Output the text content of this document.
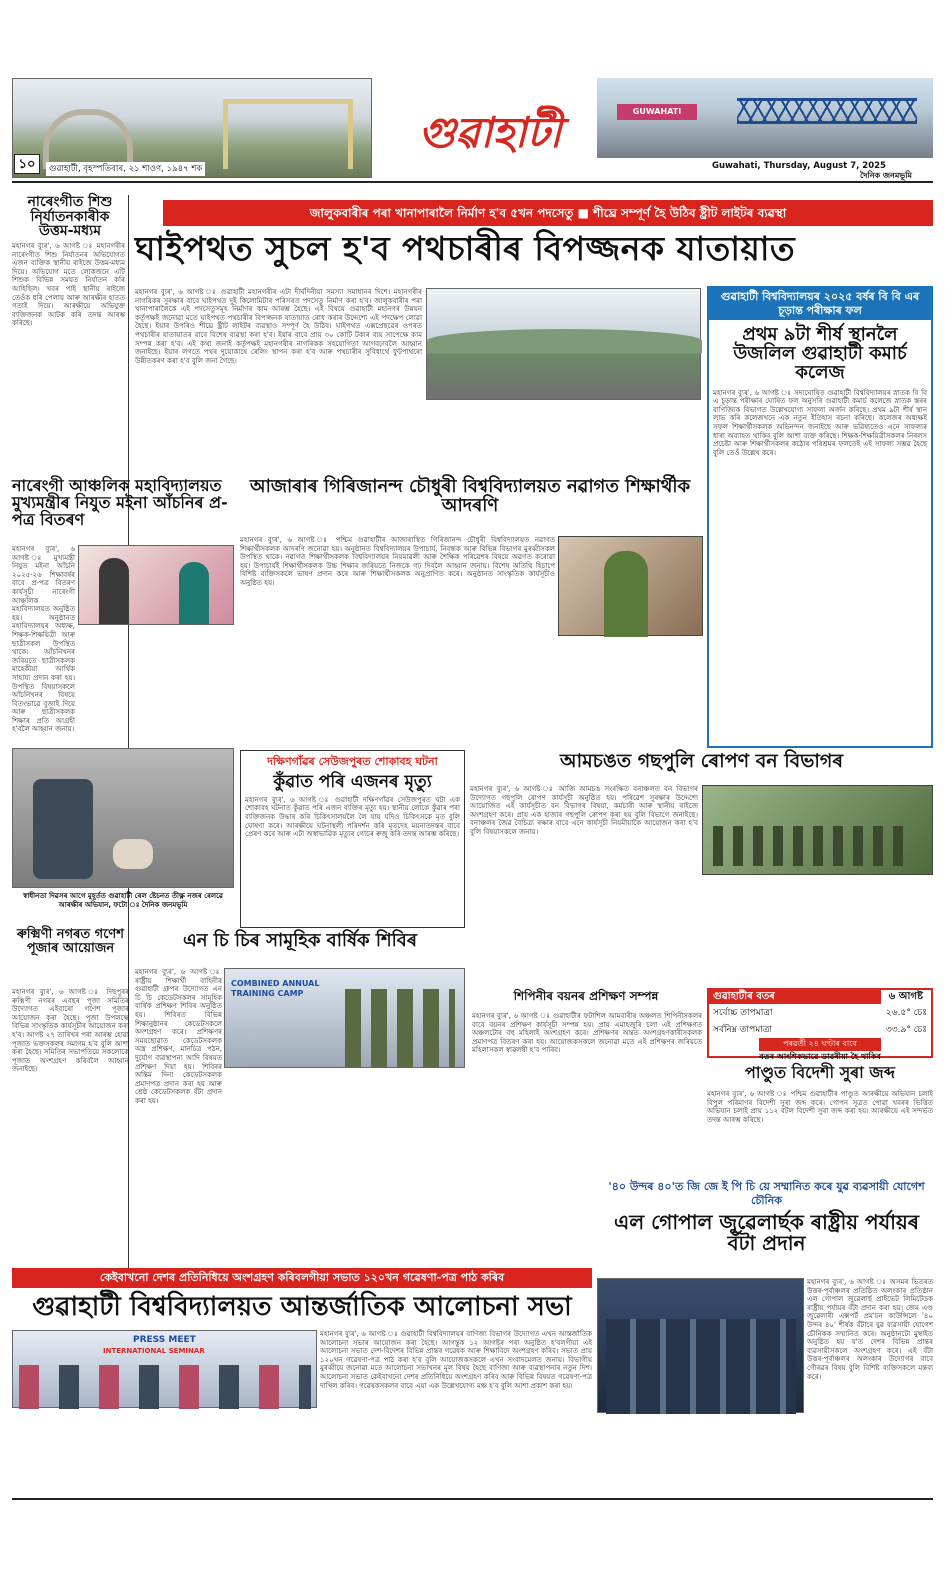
১০	গুৱাহাটী, বৃহস্পতিবাৰ, ২১ শাওণ, ১৯৪৭ শক
গুৱাহাটী	GUWAHATI
Guwahati, Thursday, August 7, 2025
দৈনিক জনমভূমি
নাৰেংগীত শিশু নিৰ্যাতনকাৰীক উত্তম-মধ্যম
মহানগৰ ব্যুৰ', ৬ আগষ্ট ঃ মহানগৰীৰ নাৰেংগীত শিশু নিৰ্যাতনৰ অভিযোগত এজন ব্যক্তিক স্থানীয় ৰাইজে উত্তম-মধ্যম দিয়ে। অভিযোগ মতে লোকজনে এটি শিশুক বিভিন্ন সময়ত নিৰ্যাতন কৰি আহিছিল। খবৰ পাই স্থানীয় ৰাইজে তেওঁক ধৰি পেলায় আৰু আৰক্ষীৰ হাতত গতাই দিয়ে। আৰক্ষীয়ে অভিযুক্ত ব্যক্তিজনক আটক কৰি তদন্ত আৰম্ভ কৰিছে।
নাৰেংগী আঞ্চলিক মহাবিদ্যালয়ত মুখ্যমন্ত্ৰীৰ নিযুত মইনা আঁচনিৰ প্ৰ-পত্ৰ বিতৰণ
মহানগৰ ব্যুৰ', ৬ আগষ্ট ঃ মুখ্যমন্ত্ৰী নিযুত মইনা আঁচনি ২০২৫-২৬ শিক্ষাবৰ্ষৰ বাবে প্ৰ-পত্ৰ বিতৰণ কাৰ্যসূচী নাৰেংগী আঞ্চলিক মহাবিদ্যালয়ত অনুষ্ঠিত হয়। অনুষ্ঠানত মহাবিদ্যালয়ৰ অধ্যক্ষ, শিক্ষক-শিক্ষয়িত্ৰী আৰু ছাত্ৰীসকল উপস্থিত থাকে। আঁচনিখনৰ জৰিয়তে ছাত্ৰীসকলক মাহেকীয়া আৰ্থিক সাহায্য প্ৰদান কৰা হয়। উপস্থিত বিষয়াসকলে আঁচনিখনৰ বিষয়ে বিতংভাৱে বুজাই দিয়ে আৰু ছাত্ৰীসকলক শিক্ষাৰ প্ৰতি আগ্ৰহী হ'বলৈ আহ্বান জনায়।
স্বাধীনতা দিৱসৰ আগে মুহূৰ্তত গুৱাহাটী ৰেল ষ্টেচনত তীক্ষ্ণ নজৰ ৰেলৱে আৰক্ষীৰ অভিযান, ফটো ঃ দৈনিক জনমভূমি
ৰুক্মিণী নগৰত গণেশ পূজাৰ আয়োজন
মহানগৰ ব্যুৰ', ৬ আগষ্ট ঃ দিছপুৰৰ ৰুক্মিণী নগৰৰ এবছৰ পূজা সমিতিৰ উদ্যোগত এইবাৰো গণেশ পূজাৰ আয়োজন কৰা হৈছে। পূজা উপলক্ষে বিভিন্ন সাংস্কৃতিক কাৰ্যসূচীৰ আয়োজন কৰা হ'ব। আগষ্ট ২৭ তাৰিখৰ পৰা আৰম্ভ হোৱা পূজাত ভক্তসকলৰ সমাগম হ'ব বুলি আশা কৰা হৈছে। সমিতিৰ সভাপতিয়ে সকলোকে পূজাত অংশগ্ৰহণ কৰিবলৈ আহ্বান জনাইছে।
জালুকবাৰীৰ পৰা খানাপাৰালৈ নিৰ্মাণ হ'ব ৫খন পদসেতু ■ শীঘ্ৰে সম্পূৰ্ণ হৈ উঠিব ষ্ট্ৰীট লাইটৰ ব্যৱস্থা
ঘাইপথত সুচল হ'ব পথচাৰীৰ বিপজ্জনক যাতায়াত
মহানগৰ ব্যুৰ', ৬ আগষ্ট ঃ গুৱাহাটী মহানগৰীৰ এটা দীৰ্ঘদিনীয়া সমস্যা সমাধানৰ দিশে। মহানগৰীৰ নাগৰিকৰ সুৰক্ষাৰ বাবে ঘাইপথত দুই কিলোমিটাৰ পৰিসৰত পদসেতু নিৰ্মাণ কৰা হ'ব। জালুকবাৰীৰ পৰা খানাপাৰালৈকে এই পদসেতুসমূহ নিৰ্মাণৰ কাম আৰম্ভ হৈছে। এই বিষয়ে গুৱাহাটী মহানগৰ উন্নয়ন কৰ্তৃপক্ষই জনোৱা মতে ঘাইপথত পথচাৰীৰ বিপজ্জনক যাতায়াত ৰোধ কৰাৰ উদ্দেশ্যে এই পদক্ষেপ লোৱা হৈছে। ইয়াৰ উপৰিও শীঘ্ৰে ষ্ট্ৰীট লাইটৰ ব্যৱস্থাও সম্পূৰ্ণ হৈ উঠিব। ঘাইপথত এক্সপ্ৰেছৱেৰ ওপৰত পথচাৰীৰ যাতায়াতৰ বাবে বিশেষ ব্যৱস্থা কৰা হ'ব। ইয়াৰ বাবে প্ৰায় ৩০ কোটি টকাৰ ব্যয় সাপেক্ষে কাম সম্পন্ন কৰা হ'ব। এই কথা জনাই কৰ্তৃপক্ষই মহানগৰীৰ নাগৰিকক সহযোগিতা আগবঢ়াবলৈ আহ্বান জনাইছে। ইয়াৰ লগতে পথৰ দুয়োকাষে ৰেলিং স্থাপন কৰা হ'ব আৰু পথচাৰীৰ সুবিধাৰ্থে ফুটপাথৰো উন্নীতকৰণ কৰা হ'ব বুলি জনা গৈছে।
গুৱাহাটী বিশ্ববিদ্যালয়ৰ ২০২৫ বৰ্ষৰ বি বি এৰ চূড়ান্ত পৰীক্ষাৰ ফল
প্ৰথম ৯টা শীৰ্ষ স্থানলৈ উজলিল গুৱাহাটী কমাৰ্চ কলেজ
মহানগৰ ব্যুৰ', ৬ আগষ্ট ঃ সদ্যঘোষিত গুৱাহাটী বিশ্ববিদ্যালয়ৰ স্নাতক বি বি এ চূড়ান্ত পৰীক্ষাৰ ঘোষিত ফল অনুসৰি গুৱাহাটী কমাৰ্চ কলেজে স্নাতক স্তৰৰ বাণিজ্যিক বিভাগত উল্লেখযোগ্য সাফল্য অৰ্জন কৰিছে। প্ৰথম ৯টা শীৰ্ষ স্থান লাভ কৰি কলেজখনে এক নতুন ইতিহাস ৰচনা কৰিছে। কলেজৰ অধ্যক্ষই সফল শিক্ষাৰ্থীসকলক অভিনন্দন জনাইছে আৰু ভৱিষ্যতেও এনে সাফল্যৰ ধাৰা অব্যাহত থাকিব বুলি আশা ব্যক্ত কৰিছে। শিক্ষক-শিক্ষয়িত্ৰীসকলৰ নিৰলস প্ৰচেষ্টা আৰু শিক্ষাৰ্থীসকলৰ কঠোৰ পৰিশ্ৰমৰ ফলতেই এই সাফল্য সম্ভৱ হৈছে বুলি তেওঁ উল্লেখ কৰে।
আজাৰাৰ গিৰিজানন্দ চৌধুৰী বিশ্ববিদ্যালয়ত নৱাগত শিক্ষাৰ্থীক আদৰণি
মহানগৰ ব্যুৰ', ৬ আগষ্ট ঃ পশ্চিম গুৱাহাটীৰ আজাৰাস্থিত গিৰিজানন্দ চৌধুৰী বিশ্ববিদ্যালয়ত নৱাগত শিক্ষাৰ্থীসকলক আদৰণি জনোৱা হয়। অনুষ্ঠানত বিশ্ববিদ্যালয়ৰ উপাচাৰ্য, নিবন্ধক আৰু বিভিন্ন বিভাগৰ মুৰব্বীসকল উপস্থিত থাকে। নৱাগত শিক্ষাৰ্থীসকলক বিশ্ববিদ্যালয়ৰ নিয়মাৱলী আৰু শৈক্ষিক পৰিৱেশৰ বিষয়ে অৱগত কৰোৱা হয়। উপাচাৰ্যই শিক্ষাৰ্থীসকলক উচ্চ শিক্ষাৰ জৰিয়তে নিজকে গঢ় দিবলৈ আহ্বান জনায়। বিশেষ অতিথি হিচাপে বিশিষ্ট ব্যক্তিসকলে ভাষণ প্ৰদান কৰে আৰু শিক্ষাৰ্থীসকলক অনুপ্ৰাণিত কৰে। অনুষ্ঠানত সাংস্কৃতিক কাৰ্যসূচীও অনুষ্ঠিত হয়।
দক্ষিণগাঁৱৰ সেউজপুৰত শোকাবহ ঘটনা
কুঁৱাত পৰি এজনৰ মৃত্যু
মহানগৰ ব্যুৰ', ৬ আগষ্ট ঃ গুৱাহাটী দক্ষিণগাঁৱৰ সেউজপুৰত ঘটা এক শোকাবহ ঘটনাত কুঁৱাত পৰি এজন ব্যক্তিৰ মৃত্যু হয়। স্থানীয় লোকে কুঁৱাৰ পৰা ব্যক্তিজনক উদ্ধাৰ কৰি চিকিৎসালয়লৈ লৈ যায় যদিও চিকিৎসকে মৃত বুলি ঘোষণা কৰে। আৰক্ষীয়ে ঘটনাস্থলী পৰিদৰ্শন কৰি মৃতদেহ ময়নাতদন্তৰ বাবে প্ৰেৰণ কৰে আৰু এটা অস্বাভাৱিক মৃত্যুৰ গোচৰ ৰুজু কৰি তদন্ত আৰম্ভ কৰিছে।
আমচঙত গছপুলি ৰোপণ বন বিভাগৰ
মহানগৰ ব্যুৰ', ৬ আগষ্ট ঃ আজি আমচঙ সংৰক্ষিত বনাঞ্চলত বন বিভাগৰ উদ্যোগত গছপুলি ৰোপণ কাৰ্যসূচী অনুষ্ঠিত হয়। পৰিৱেশ সুৰক্ষাৰ উদ্দেশ্যে আয়োজিত এই কাৰ্যসূচীত বন বিভাগৰ বিষয়া, কৰ্মচাৰী আৰু স্থানীয় ৰাইজে অংশগ্ৰহণ কৰে। প্ৰায় এক হাজাৰ গছপুলি ৰোপণ কৰা হয় বুলি বিভাগে জনাইছে। বনাঞ্চলৰ জৈৱ বৈচিত্ৰ্য ৰক্ষাৰ বাবে এনে কাৰ্যসূচী নিয়মীয়াকৈ আয়োজন কৰা হ'ব বুলি বিষয়াসকলে জনায়।
এন চি চিৰ সামূহিক বাৰ্ষিক শিবিৰ
মহানগৰ ব্যুৰ', ৬ আগষ্ট ঃ ৰাষ্ট্ৰীয় শিক্ষাৰ্থী বাহিনীৰ গুৱাহাটী গ্ৰুপৰ উদ্যোগত এন চি চি কেডেটসকলৰ সামূহিক বাৰ্ষিক প্ৰশিক্ষণ শিবিৰ অনুষ্ঠিত হয়। শিবিৰত বিভিন্ন শিক্ষানুষ্ঠানৰ কেডেটসকলে অংশগ্ৰহণ কৰে। প্ৰশিক্ষণৰ সময়ছোৱাত কেডেটসকলক অস্ত্ৰ প্ৰশিক্ষণ, মানচিত্ৰ পঠন, দুৰ্যোগ ব্যৱস্থাপনা আদি বিষয়ত প্ৰশিক্ষণ দিয়া হয়। শিবিৰৰ অন্তিম দিনা কেডেটসকলক প্ৰমাণপত্ৰ প্ৰদান কৰা হয় আৰু শ্ৰেষ্ঠ কেডেটসকলক বঁটা প্ৰদান কৰা হয়।
COMBINED ANNUAL TRAINING CAMP	শিপিনীৰ বয়নৰ প্ৰশিক্ষণ সম্পন্ন
মহানগৰ ব্যুৰ', ৬ আগষ্ট ঃ গুৱাহাটীৰ ফটাশিল আমবাৰীৰ অঞ্চলত শিপিনীসকলৰ বাবে বয়নৰ প্ৰশিক্ষণ কাৰ্যসূচী সম্পন্ন হয়। প্ৰায় এমাহজুৰি চলা এই প্ৰশিক্ষণত অঞ্চলটোৰ বহু মহিলাই অংশগ্ৰহণ কৰে। প্ৰশিক্ষণৰ অন্তত অংশগ্ৰহণকাৰীসকলক প্ৰমাণপত্ৰ বিতৰণ কৰা হয়। আয়োজকসকলে জনোৱা মতে এই প্ৰশিক্ষণৰ জৰিয়তে মহিলাসকল স্বাৱলম্বী হ'ব পাৰিব।
গুৱাহাটীৰ বতৰ	৬ আগষ্ট
সৰ্বোচ্চ তাপমাত্ৰা	২৬.৫° চেঃ
সৰ্বনিম্ন তাপমাত্ৰা	৩৩.৯° চেঃ
পৰৱৰ্তী ২৪ ঘণ্টাৰ বাবে
বতৰ আংশিকভাৱে ডাৱৰীয়া হৈ থাকিব
পাণ্ডুত বিদেশী সুৰা জব্দ
মহানগৰ ব্যুৰ', ৬ আগষ্ট ঃ পশ্চিম গুৱাহাটীৰ পাণ্ডুত আৰক্ষীয়ে অভিযান চলাই বিপুল পৰিমাণৰ বিদেশী সুৰা জব্দ কৰে। গোপন সূত্ৰত পোৱা খবৰৰ ভিত্তিত অভিযান চলাই প্ৰায় ১১২ বটল বিদেশী সুৰা জব্দ কৰা হয়। আৰক্ষীয়ে এই সন্দৰ্ভত তদন্ত আৰম্ভ কৰিছে।
'৪০ উন্দৰ ৪০'ত জি জে ই পি চি য়ে সম্মানিত কৰে যুৱ ব্যৱসায়ী যোগেশ চৌনিক
এল গোপাল জুৱেলাৰ্ছক ৰাষ্ট্ৰীয় পৰ্যায়ৰ বঁটা প্ৰদান
মহানগৰ ব্যুৰ', ৬ আগষ্ট ঃ অসমৰ ভিতৰত উত্তৰ-পূৰ্বাঞ্চলৰ প্ৰতিষ্ঠিত অলংকাৰ প্ৰতিষ্ঠান এল গোপাল জুৱেলাৰ্ছ প্ৰাইভেট লিমিটেডক ৰাষ্ট্ৰীয় পৰ্যায়ৰ বঁটা প্ৰদান কৰা হয়। জেম এণ্ড জুৱেলাৰী এক্সপৰ্ট প্ৰম'চন কাউন্সিলে '৪০ উন্দৰ ৪০' শীৰ্ষক বঁটাৰে যুৱ ব্যৱসায়ী যোগেশ চৌনিকক সম্মানিত কৰে। অনুষ্ঠানটো মুম্বাইত অনুষ্ঠিত হয় য'ত দেশৰ বিভিন্ন প্ৰান্তৰ ব্যৱসায়ীসকলে অংশগ্ৰহণ কৰে। এই বঁটা উত্তৰ-পূৰ্বাঞ্চলৰ অলংকাৰ উদ্যোগৰ বাবে গৌৰৱৰ বিষয় বুলি বিশিষ্ট ব্যক্তিসকলে মন্তব্য কৰে।
কেইবাখনো দেশৰ প্ৰতিনিধিয়ে অংশগ্ৰহণ কৰিবলগীয়া সভাত ১২০খন গৱেষণা-পত্ৰ পাঠ কৰিব
গুৱাহাটী বিশ্ববিদ্যালয়ত আন্তৰ্জাতিক আলোচনা সভা
PRESS MEET
INTERNATIONAL SEMINAR
মহানগৰ ব্যুৰ', ৬ আগষ্ট ঃ গুৱাহাটী বিশ্ববিদ্যালয়ৰ বাণিজ্য বিভাগৰ উদ্যোগত এখন আন্তৰ্জাতিক আলোচনা সভাৰ আয়োজন কৰা হৈছে। আগন্তুক ১২ আগষ্টৰ পৰা অনুষ্ঠিত হ'বলগীয়া এই আলোচনা সভাত দেশ-বিদেশৰ বিভিন্ন প্ৰান্তৰ গৱেষক আৰু শিক্ষাবিদে অংশগ্ৰহণ কৰিব। সভাত প্ৰায় ১২০খন গৱেষণা-পত্ৰ পাঠ কৰা হ'ব বুলি আয়োজকসকলে এখন সংবাদমেলত জনায়। বিভাগীয় মুৰব্বীয়ে জনোৱা মতে আলোচনা সভাখনৰ মূল বিষয় হৈছে বাণিজ্য আৰু ব্যৱস্থাপনাৰ নতুন দিশ। আলোচনা সভাত কেইবাখনো দেশৰ প্ৰতিনিধিয়ে অংশগ্ৰহণ কৰিব আৰু বিভিন্ন বিষয়ত গৱেষণা-পত্ৰ দাখিল কৰিব। গৱেষকসকলৰ বাবে এয়া এক উল্লেখযোগ্য মঞ্চ হ'ব বুলি আশা প্ৰকাশ কৰা হয়।
